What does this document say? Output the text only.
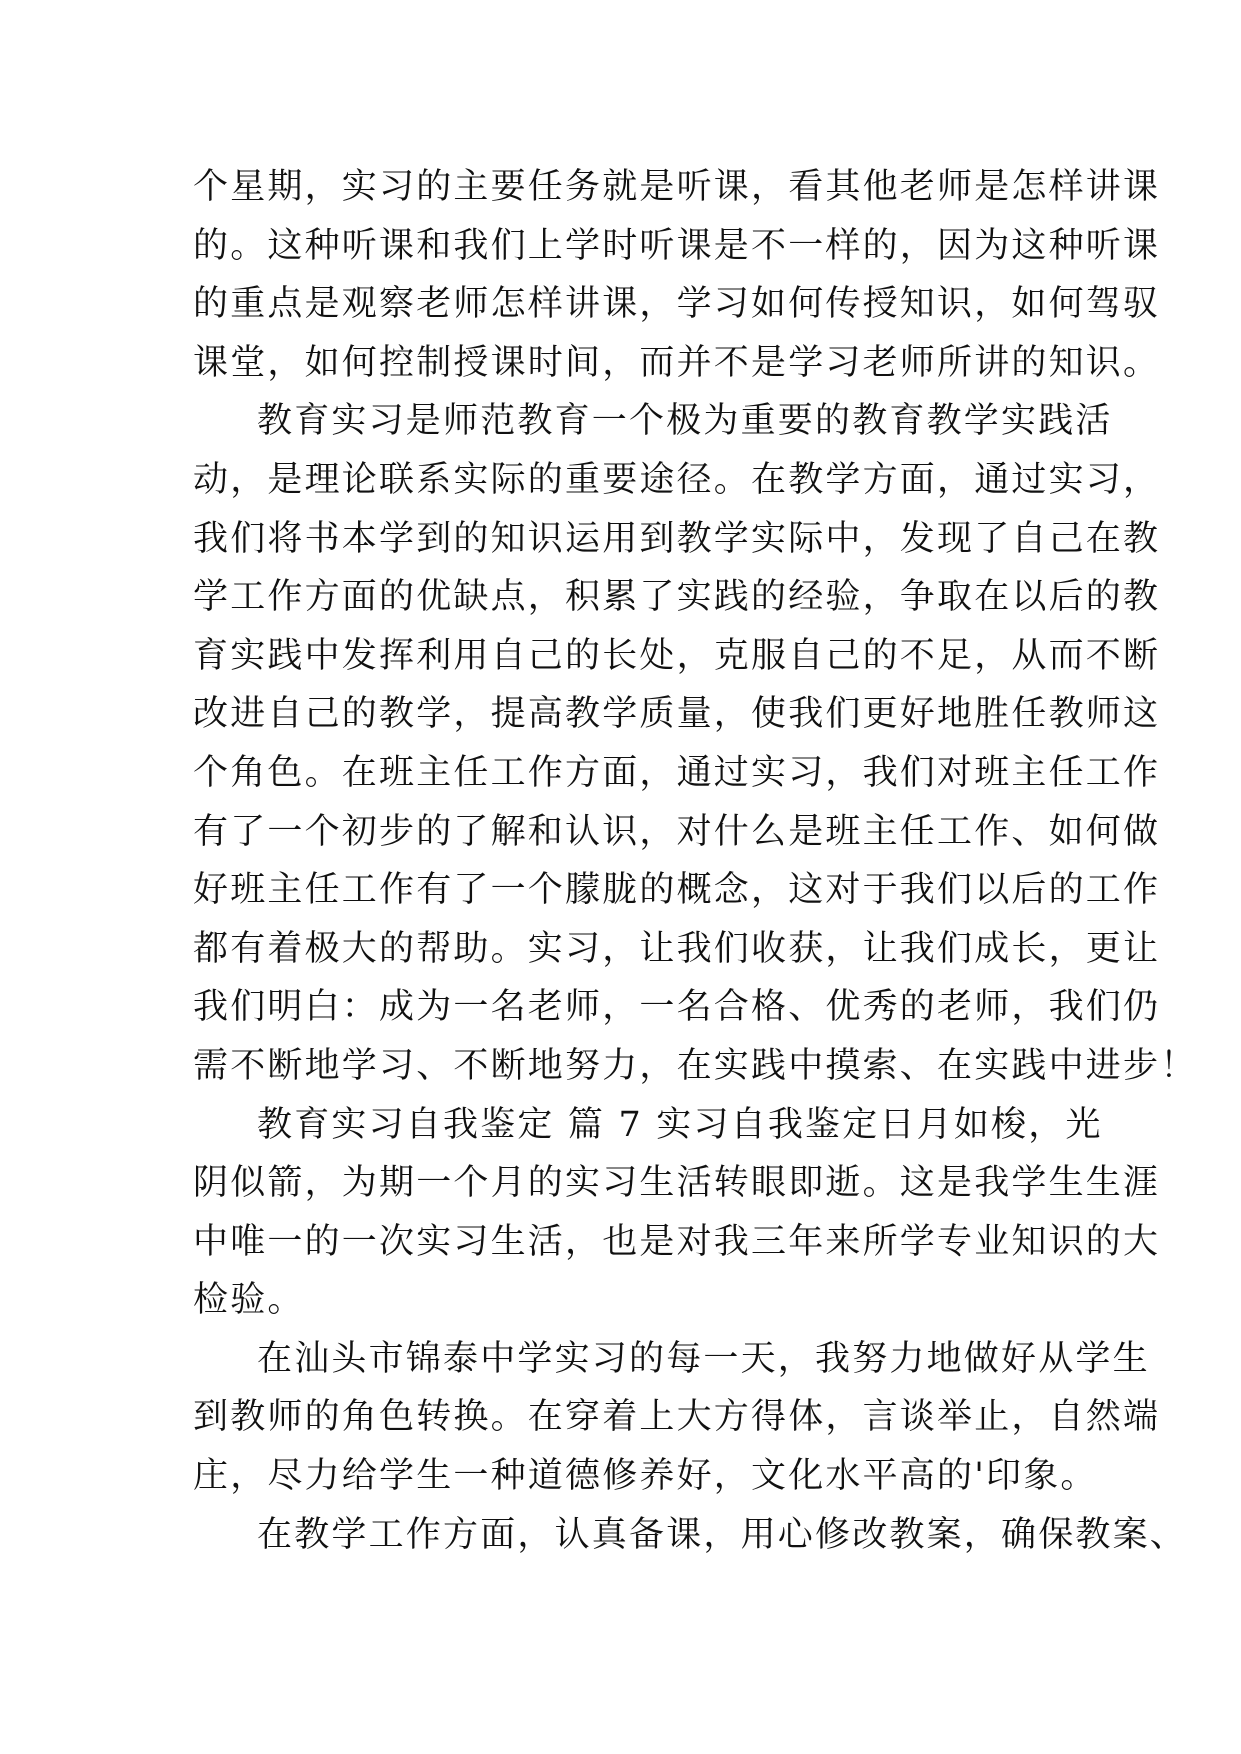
个星期，实习的主要任务就是听课，看其他老师是怎样讲课
的。这种听课和我们上学时听课是不一样的，因为这种听课
的重点是观察老师怎样讲课，学习如何传授知识，如何驾驭
课堂，如何控制授课时间，而并不是学习老师所讲的知识。
教育实习是师范教育一个极为重要的教育教学实践活
动，是理论联系实际的重要途径。在教学方面，通过实习，
我们将书本学到的知识运用到教学实际中，发现了自己在教
学工作方面的优缺点，积累了实践的经验，争取在以后的教
育实践中发挥利用自己的长处，克服自己的不足，从而不断
改进自己的教学，提高教学质量，使我们更好地胜任教师这
个角色。在班主任工作方面，通过实习，我们对班主任工作
有了一个初步的了解和认识，对什么是班主任工作、如何做
好班主任工作有了一个朦胧的概念，这对于我们以后的工作
都有着极大的帮助。实习，让我们收获，让我们成长，更让
我们明白：成为一名老师，一名合格、优秀的老师，我们仍
需不断地学习、不断地努力，在实践中摸索、在实践中进步！
教育实习自我鉴定 篇 7 实习自我鉴定日月如梭，光
阴似箭，为期一个月的实习生活转眼即逝。这是我学生生涯
中唯一的一次实习生活，也是对我三年来所学专业知识的大
检验。
在汕头市锦泰中学实习的每一天，我努力地做好从学生
到教师的角色转换。在穿着上大方得体，言谈举止，自然端
庄，尽力给学生一种道德修养好，文化水平高的'印象。
在教学工作方面，认真备课，用心修改教案，确保教案、
